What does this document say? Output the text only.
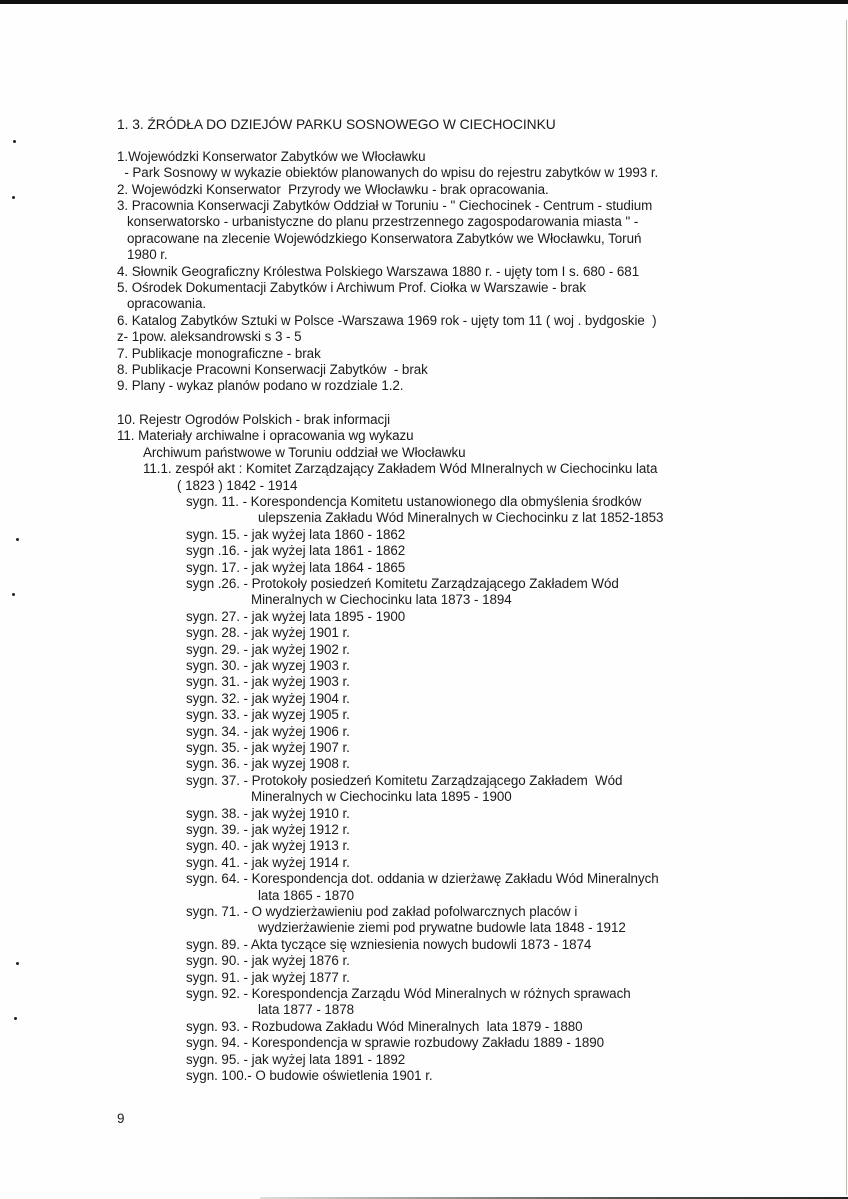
1. 3. ŹRÓDŁA DO DZIEJÓW PARKU SOSNOWEGO W CIECHOCINKU
1.Wojewódzki Konserwator Zabytków we Włocławku
- Park Sosnowy w wykazie obiektów planowanych do wpisu do rejestru zabytków w 1993 r.
2. Wojewódzki Konserwator  Przyrody we Włocławku - brak opracowania.
3. Pracownia Konserwacji Zabytków Oddział w Toruniu - " Ciechocinek - Centrum - studium
konserwatorsko - urbanistyczne do planu przestrzennego zagospodarowania miasta " -
opracowane na zlecenie Wojewódzkiego Konserwatora Zabytków we Włocławku, Toruń
1980 r.
4. Słownik Geograficzny Królestwa Polskiego Warszawa 1880 r. - ujęty tom I s. 680 - 681
5. Ośrodek Dokumentacji Zabytków i Archiwum Prof. Ciołka w Warszawie - brak
opracowania.
6. Katalog Zabytków Sztuki w Polsce -Warszawa 1969 rok - ujęty tom 11 ( woj . bydgoskie  )
z- 1pow. aleksandrowski s 3 - 5
7. Publikacje monograficzne - brak
8. Publikacje Pracowni Konserwacji Zabytków  - brak
9. Plany - wykaz planów podano w rozdziale 1.2.
10. Rejestr Ogrodów Polskich - brak informacji
11. Materiały archiwalne i opracowania wg wykazu
Archiwum państwowe w Toruniu oddział we Włocławku
11.1. zespół akt : Komitet Zarządzający Zakładem Wód MIneralnych w Ciechocinku lata
( 1823 ) 1842 - 1914
sygn. 11. - Korespondencja Komitetu ustanowionego dla obmyślenia środków
ulepszenia Zakładu Wód Mineralnych w Ciechocinku z lat 1852-1853
sygn. 15. - jak wyżej lata 1860 - 1862
sygn .16. - jak wyżej lata 1861 - 1862
sygn. 17. - jak wyżej lata 1864 - 1865
sygn .26. - Protokoły posiedzeń Komitetu Zarządzającego Zakładem Wód
Mineralnych w Ciechocinku lata 1873 - 1894
sygn. 27. - jak wyżej lata 1895 - 1900
sygn. 28. - jak wyżej 1901 r.
sygn. 29. - jak wyżej 1902 r.
sygn. 30. - jak wyzej 1903 r.
sygn. 31. - jak wyżej 1903 r.
sygn. 32. - jak wyżej 1904 r.
sygn. 33. - jak wyzej 1905 r.
sygn. 34. - jak wyżej 1906 r.
sygn. 35. - jak wyżej 1907 r.
sygn. 36. - jak wyzej 1908 r.
sygn. 37. - Protokoły posiedzeń Komitetu Zarządzającego Zakładem  Wód
Mineralnych w Ciechocinku lata 1895 - 1900
sygn. 38. - jak wyżej 1910 r.
sygn. 39. - jak wyżej 1912 r.
sygn. 40. - jak wyżej 1913 r.
sygn. 41. - jak wyżej 1914 r.
sygn. 64. - Korespondencja dot. oddania w dzierżawę Zakładu Wód Mineralnych
lata 1865 - 1870
sygn. 71. - O wydzierżawieniu pod zakład pofolwarcznych placów i
wydzierżawienie ziemi pod prywatne budowle lata 1848 - 1912
sygn. 89. - Akta tyczące się wzniesienia nowych budowli 1873 - 1874
sygn. 90. - jak wyżej 1876 r.
sygn. 91. - jak wyżej 1877 r.
sygn. 92. - Korespondencja Zarządu Wód Mineralnych w różnych sprawach
lata 1877 - 1878
sygn. 93. - Rozbudowa Zakładu Wód Mineralnych  lata 1879 - 1880
sygn. 94. - Korespondencja w sprawie rozbudowy Zakładu 1889 - 1890
sygn. 95. - jak wyżej lata 1891 - 1892
sygn. 100.- O budowie oświetlenia 1901 r.
9
